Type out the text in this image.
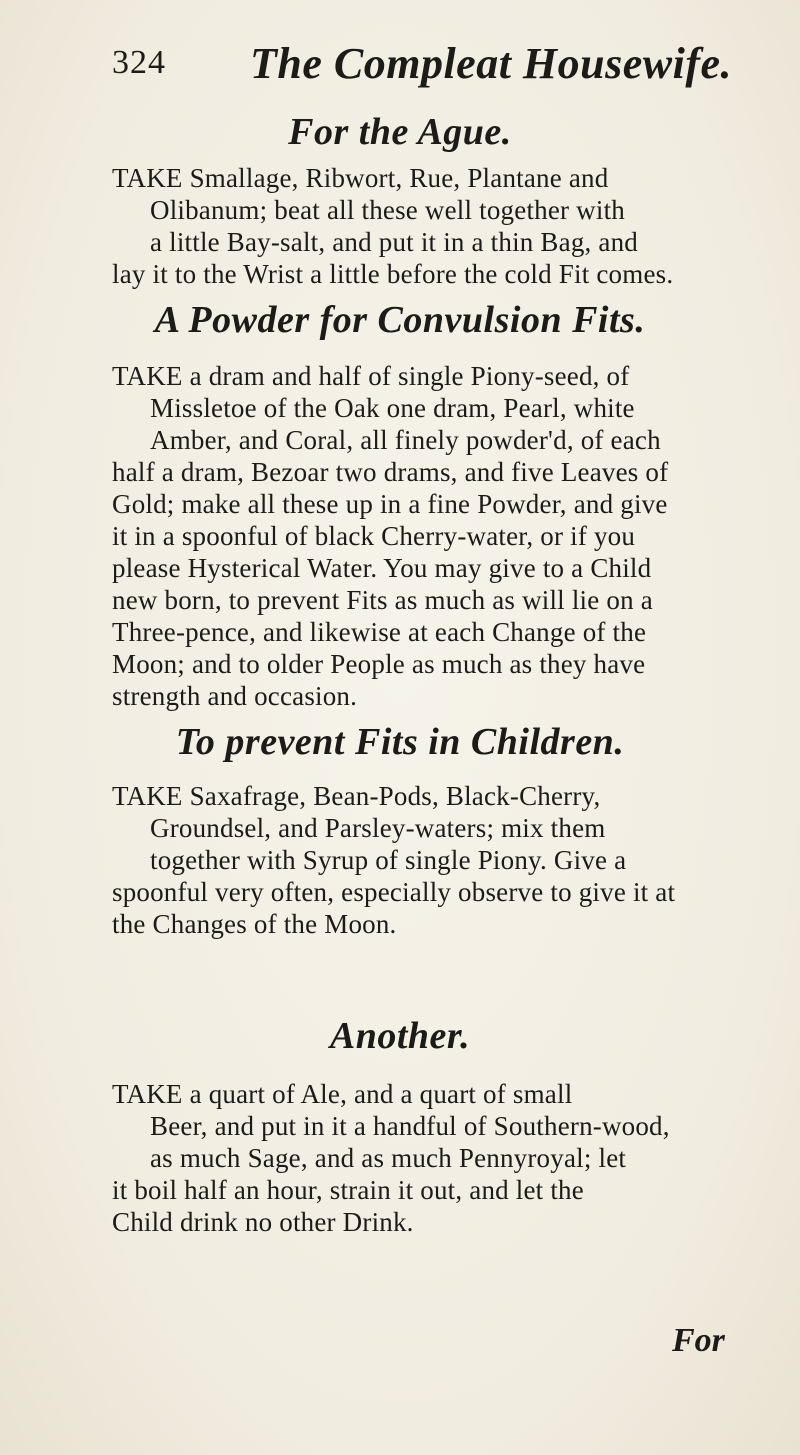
324 The Compleat Housewife.
For the Ague.
TAKE Smallage, Ribwort, Rue, Plantane and
Olibanum; beat all these well together with
a little Bay-salt, and put it in a thin Bag, and
lay it to the Wrist a little before the cold Fit comes.
A Powder for Convulsion Fits.
TAKE a dram and half of single Piony-seed, of
Missletoe of the Oak one dram, Pearl, white
Amber, and Coral, all finely powder'd, of each
half a dram, Bezoar two drams, and five Leaves of
Gold; make all these up in a fine Powder, and give
it in a spoonful of black Cherry-water, or if you
please Hysterical Water. You may give to a Child
new born, to prevent Fits as much as will lie on a
Three-pence, and likewise at each Change of the
Moon; and to older People as much as they have
strength and occasion.
To prevent Fits in Children.
TAKE Saxafrage, Bean-Pods, Black-Cherry,
Groundsel, and Parsley-waters; mix them
together with Syrup of single Piony. Give a
spoonful very often, especially observe to give it at
the Changes of the Moon.
Another.
TAKE a quart of Ale, and a quart of small
Beer, and put in it a handful of Southern-wood,
as much Sage, and as much Pennyroyal; let
it boil half an hour, strain it out, and let the
Child drink no other Drink.
For
